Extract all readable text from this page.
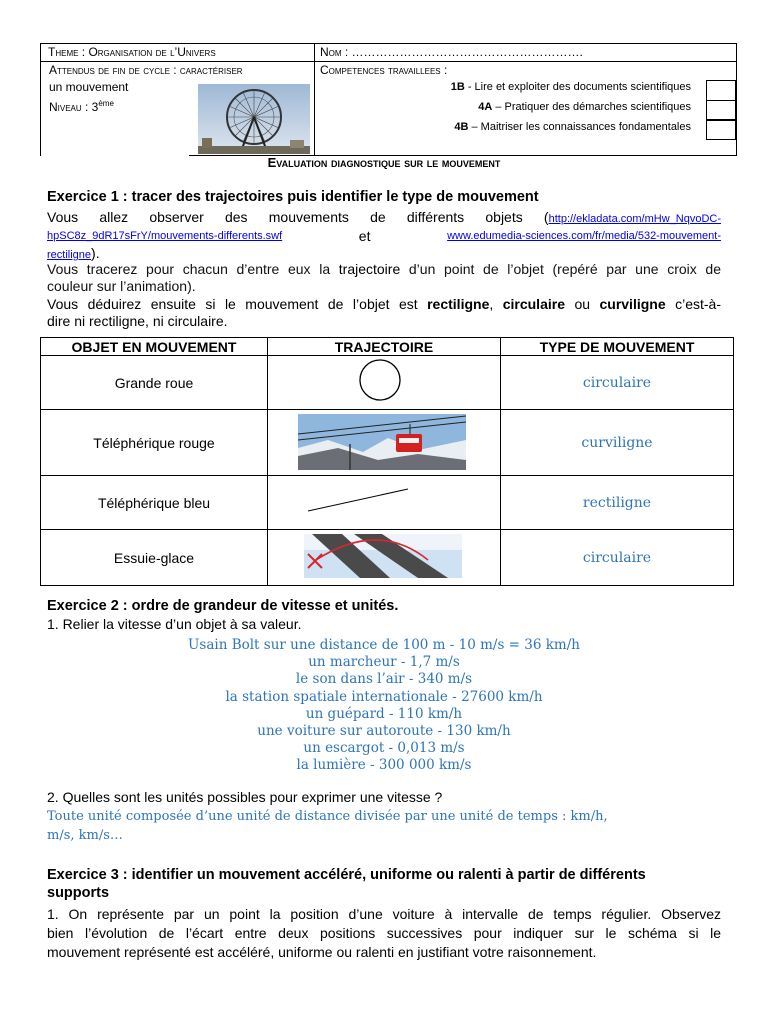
Theme : Organisation de l’Univers
Attendus de fin de cycle : caractériser
un mouvement
Niveau : 3ème
Nom : ………………………………………………….
Competences travaillees :
1B - Lire et exploiter des documents scientifiques
4A – Pratiquer des démarches scientifiques
4B – Maitriser les connaissances fondamentales
Evaluation diagnostique sur le mouvement
Exercice 1 : tracer des trajectoires puis identifier le type de mouvement
Vous allez observer des mouvements de différents objets (http://ekladata.com/mHw_NqvoDC-
hpSC8z_9dR17sFrY/mouvements-differents.swf	et	www.edumedia-sciences.com/fr/media/532-mouvement-
rectiligne).
Vous tracerez pour chacun d’entre eux la trajectoire d’un point de l’objet (repéré par une croix de
couleur sur l’animation).
Vous déduirez ensuite si le mouvement de l’objet est rectiligne, circulaire ou curviligne c’est-à-
dire ni rectiligne, ni circulaire.
OBJET EN MOUVEMENT	TRAJECTOIRE	TYPE DE MOUVEMENT
Grande roue		circulaire
Téléphérique rouge		curviligne
Téléphérique bleu		rectiligne
Essuie-glace		circulaire
Exercice 2 : ordre de grandeur de vitesse et unités.
1. Relier la vitesse d’un objet à sa valeur.
Usain Bolt sur une distance de 100 m - 10 m/s = 36 km/h
un marcheur - 1,7 m/s
le son dans l’air - 340 m/s
la station spatiale internationale - 27600 km/h
un guépard - 110 km/h
une voiture sur autoroute - 130 km/h
un escargot - 0,013 m/s
la lumière - 300 000 km/s
2. Quelles sont les unités possibles pour exprimer une vitesse ?
Toute unité composée d’une unité de distance divisée par une unité de temps : km/h,
m/s, km/s…
Exercice 3 : identifier un mouvement accéléré, uniforme ou ralenti à partir de différents
supports
1. On représente par un point la position d’une voiture à intervalle de temps régulier. Observez
bien l’évolution de l’écart entre deux positions successives pour indiquer sur le schéma si le
mouvement représenté est accéléré, uniforme ou ralenti en justifiant votre raisonnement.
